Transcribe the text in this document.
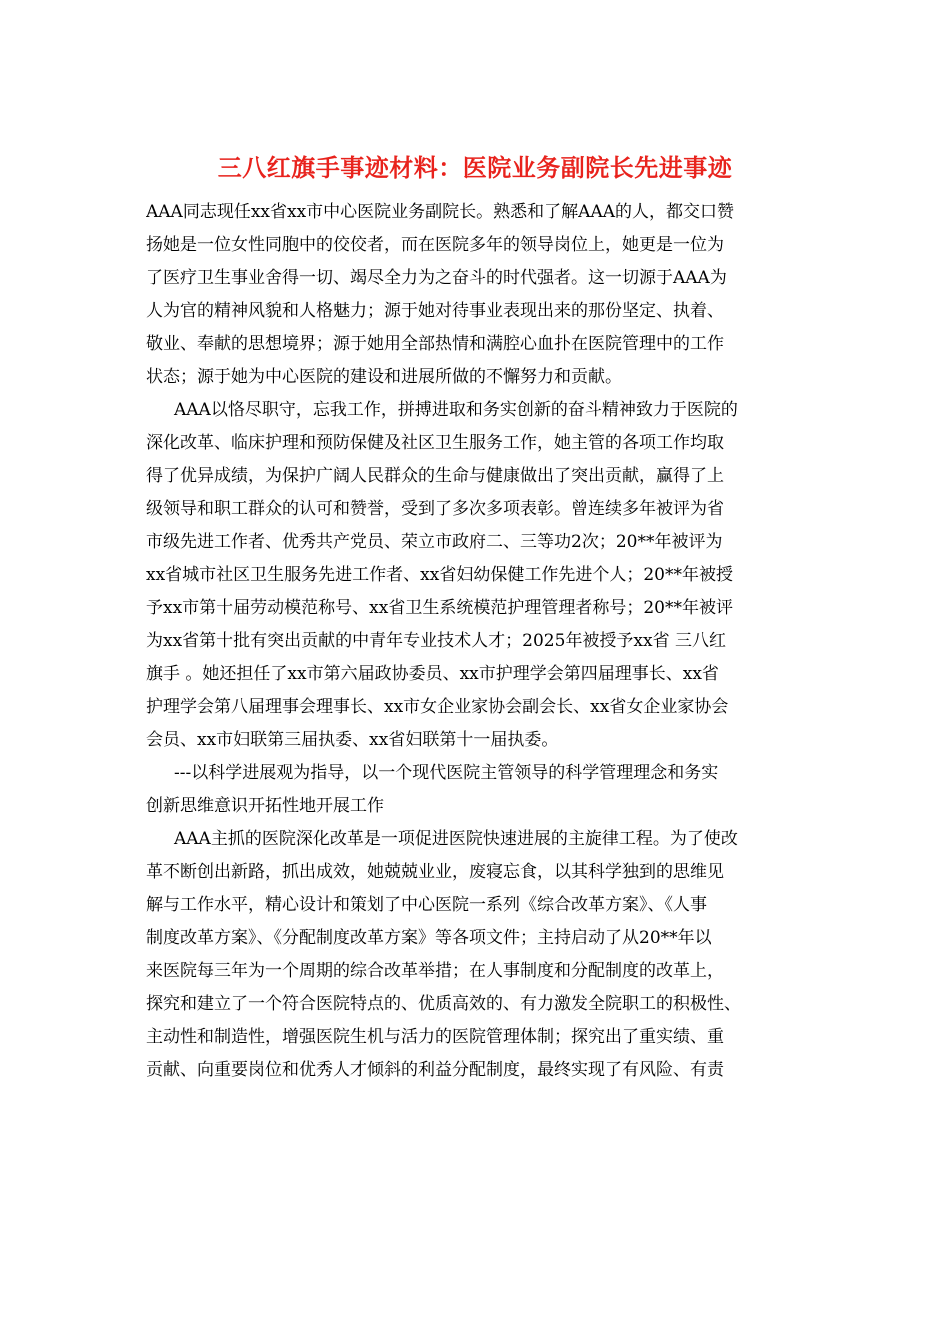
三八红旗手事迹材料：医院业务副院长先进事迹
AAA同志现任xx省xx市中心医院业务副院长。熟悉和了解AAA的人，都交口赞
扬她是一位女性同胞中的佼佼者，而在医院多年的领导岗位上，她更是一位为
了医疗卫生事业舍得一切、竭尽全力为之奋斗的时代强者。这一切源于AAA为
人为官的精神风貌和人格魅力；源于她对待事业表现出来的那份坚定、执着、
敬业、奉献的思想境界；源于她用全部热情和满腔心血扑在医院管理中的工作
状态；源于她为中心医院的建设和进展所做的不懈努力和贡献。
AAA以恪尽职守，忘我工作，拼搏进取和务实创新的奋斗精神致力于医院的
深化改革、临床护理和预防保健及社区卫生服务工作，她主管的各项工作均取
得了优异成绩，为保护广阔人民群众的生命与健康做出了突出贡献，赢得了上
级领导和职工群众的认可和赞誉，受到了多次多项表彰。曾连续多年被评为省
市级先进工作者、优秀共产党员、荣立市政府二、三等功2次；20**年被评为
xx省城市社区卫生服务先进工作者、xx省妇幼保健工作先进个人；20**年被授
予xx市第十届劳动模范称号、xx省卫生系统模范护理管理者称号；20**年被评
为xx省第十批有突出贡献的中青年专业技术人才；2025年被授予xx省 三八红
旗手 。她还担任了xx市第六届政协委员、xx市护理学会第四届理事长、xx省
护理学会第八届理事会理事长、xx市女企业家协会副会长、xx省女企业家协会
会员、xx市妇联第三届执委、xx省妇联第十一届执委。
---以科学进展观为指导，以一个现代医院主管领导的科学管理理念和务实
创新思维意识开拓性地开展工作
AAA主抓的医院深化改革是一项促进医院快速进展的主旋律工程。为了使改
革不断创出新路，抓出成效，她兢兢业业，废寝忘食，以其科学独到的思维见
解与工作水平，精心设计和策划了中心医院一系列《综合改革方案》、《人事
制度改革方案》、《分配制度改革方案》等各项文件；主持启动了从20**年以
来医院每三年为一个周期的综合改革举措；在人事制度和分配制度的改革上，
探究和建立了一个符合医院特点的、优质高效的、有力激发全院职工的积极性、
主动性和制造性，增强医院生机与活力的医院管理体制；探究出了重实绩、重
贡献、向重要岗位和优秀人才倾斜的利益分配制度，最终实现了有风险、有责
